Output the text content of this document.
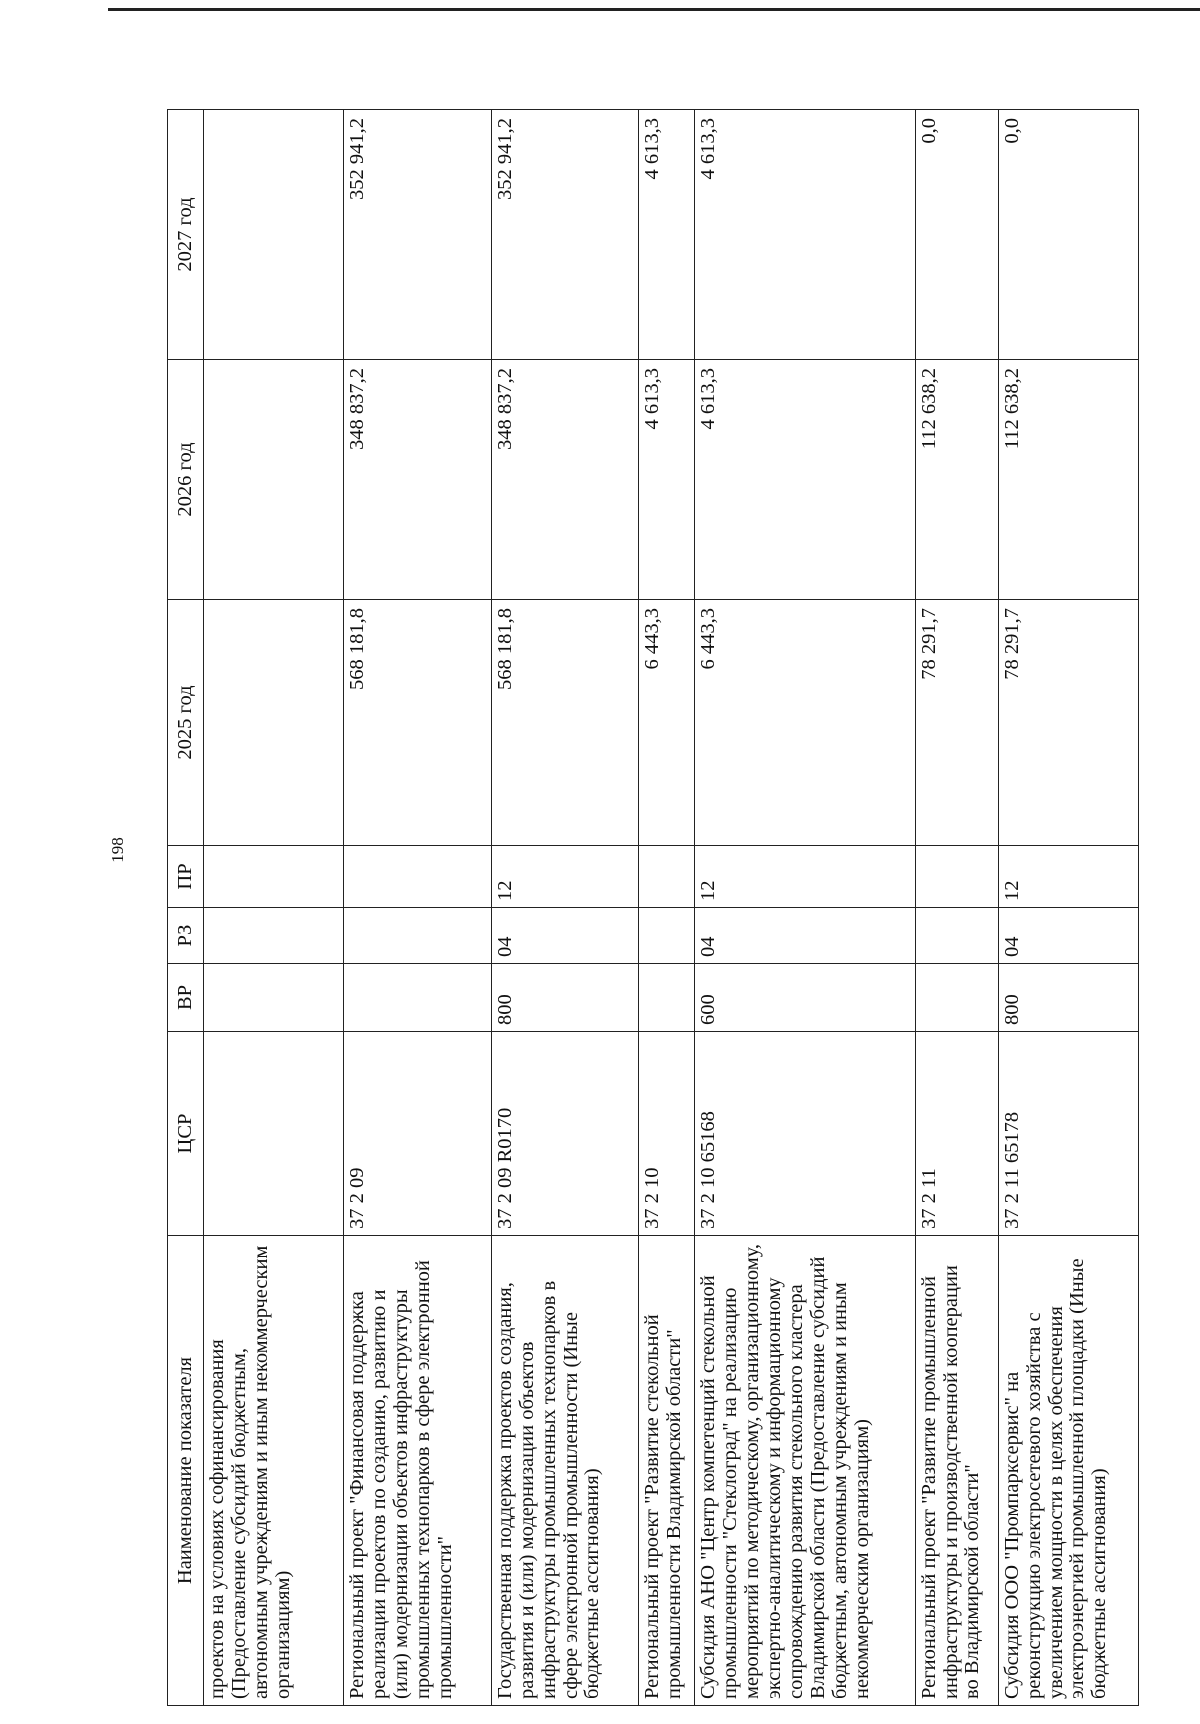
198
Наименование показателя	ЦСР	ВР	РЗ	ПР	2025 год	2026 год	2027 год
проектов на условиях софинансирования (Предоставление субсидий бюджетным, автономным учреждениям и иным некоммерческим организациям)							
Региональный проект "Финансовая поддержка реализации проектов по созданию, развитию и (или) модернизации объектов инфраструктуры промышленных технопарков в сфере электронной промышленности"	37 2 09				568 181,8	348 837,2	352 941,2
Государственная поддержка проектов создания, развития и (или) модернизации объектов инфраструктуры промышленных технопарков в сфере электронной промышленности (Иные бюджетные ассигнования)	37 2 09 R0170	800	04	12	568 181,8	348 837,2	352 941,2
Региональный проект "Развитие стекольной промышленности Владимирской области"	37 2 10				6 443,3	4 613,3	4 613,3
Субсидия АНО "Центр компетенций стекольной промышленности "Стеклоград" на реализацию мероприятий по методическому, организационному, экспертно-аналитическому и информационному сопровождению развития стекольного кластера Владимирской области (Предоставление субсидий бюджетным, автономным учреждениям и иным некоммерческим организациям)	37 2 10 65168	600	04	12	6 443,3	4 613,3	4 613,3
Региональный проект "Развитие промышленной инфраструктуры и производственной кооперации во Владимирской области"	37 2 11				78 291,7	112 638,2	0,0
Субсидия ООО "Промпарксервис" на реконструкцию электросетевого хозяйства с увеличением мощности в целях обеспечения электроэнергией промышленной площадки (Иные бюджетные ассигнования)	37 2 11 65178	800	04	12	78 291,7	112 638,2	0,0
